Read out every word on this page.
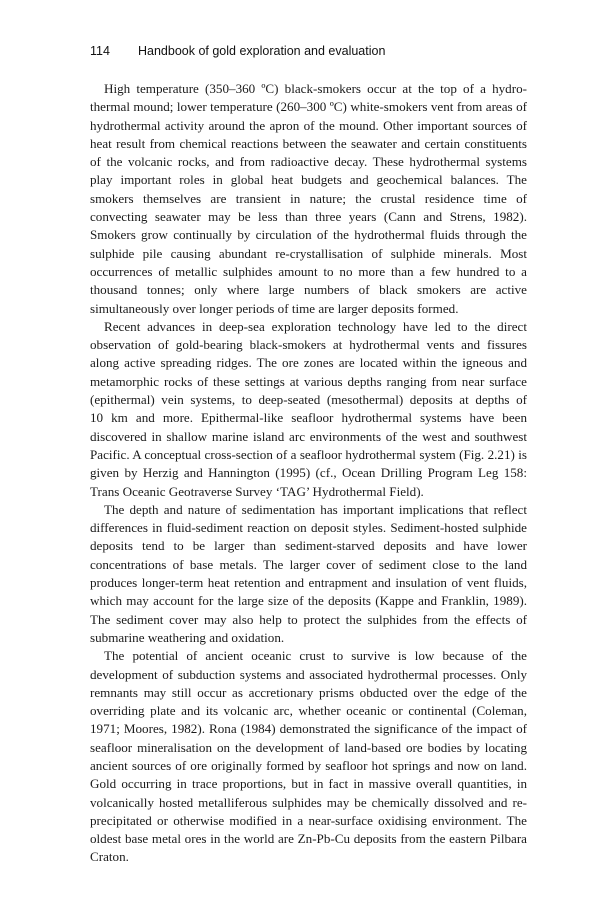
114 Handbook of gold exploration and evaluation

High temperature (350–360 ºC) black-smokers occur at the top of a hydrothermal mound; lower temperature (260–300 ºC) white-smokers vent from areas of hydrothermal activity around the apron of the mound. Other important sources of heat result from chemical reactions between the seawater and certain constituents of the volcanic rocks, and from radioactive decay. These hydrothermal systems play important roles in global heat budgets and geochemical balances. The smokers themselves are transient in nature; the crustal residence time of convecting seawater may be less than three years (Cann and Strens, 1982). Smokers grow continually by circulation of the hydrothermal fluids through the sulphide pile causing abundant re-crystallisation of sulphide minerals. Most occurrences of metallic sulphides amount to no more than a few hundred to a thousand tonnes; only where large numbers of black smokers are active simultaneously over longer periods of time are larger deposits formed.

Recent advances in deep-sea exploration technology have led to the direct observation of gold-bearing black-smokers at hydrothermal vents and fissures along active spreading ridges. The ore zones are located within the igneous and metamorphic rocks of these settings at various depths ranging from near surface (epithermal) vein systems, to deep-seated (mesothermal) deposits at depths of 10 km and more. Epithermal-like seafloor hydrothermal systems have been discovered in shallow marine island arc environments of the west and southwest Pacific. A conceptual cross-section of a seafloor hydrothermal system (Fig. 2.21) is given by Herzig and Hannington (1995) (cf., Ocean Drilling Program Leg 158: Trans Oceanic Geotraverse Survey ‘TAG’ Hydrothermal Field).

The depth and nature of sedimentation has important implications that reflect differences in fluid-sediment reaction on deposit styles. Sediment-hosted sulphide deposits tend to be larger than sediment-starved deposits and have lower concentrations of base metals. The larger cover of sediment close to the land produces longer-term heat retention and entrapment and insulation of vent fluids, which may account for the large size of the deposits (Kappe and Franklin, 1989). The sediment cover may also help to protect the sulphides from the effects of submarine weathering and oxidation.

The potential of ancient oceanic crust to survive is low because of the development of subduction systems and associated hydrothermal processes. Only remnants may still occur as accretionary prisms obducted over the edge of the overriding plate and its volcanic arc, whether oceanic or continental (Coleman, 1971; Moores, 1982). Rona (1984) demonstrated the significance of the impact of seafloor mineralisation on the development of land-based ore bodies by locating ancient sources of ore originally formed by seafloor hot springs and now on land. Gold occurring in trace proportions, but in fact in massive overall quantities, in volcanically hosted metalliferous sulphides may be chemically dissolved and re-precipitated or otherwise modified in a near-surface oxidising environment. The oldest base metal ores in the world are Zn-Pb-Cu deposits from the eastern Pilbara Craton.
